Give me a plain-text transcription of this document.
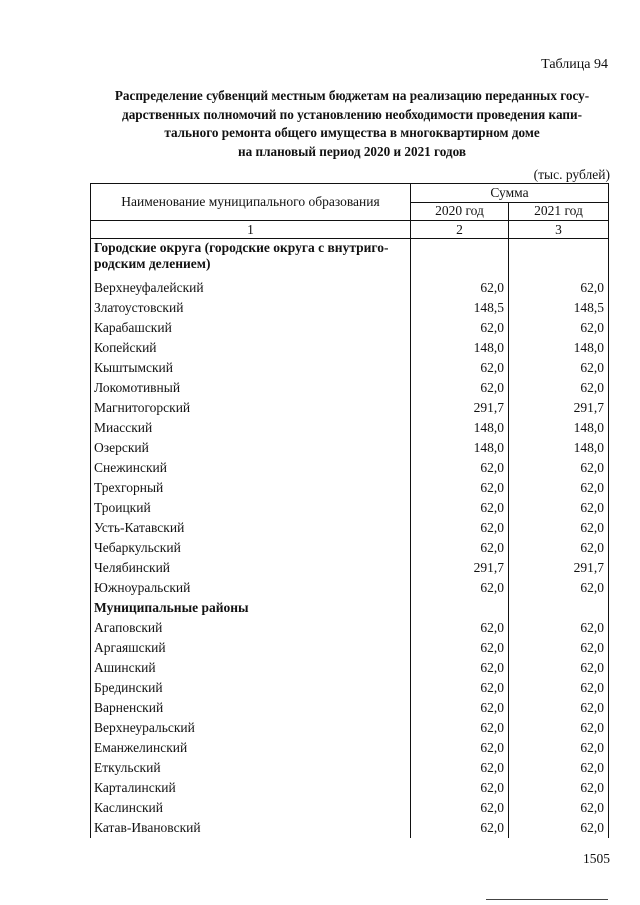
Таблица 94
Распределение субвенций местным бюджетам на реализацию переданных госу-
дарственных полномочий по установлению необходимости проведения капи-
тального ремонта общего имущества в многоквартирном доме
на плановый период 2020 и 2021 годов
(тыс. рублей)
Наименование муниципального образования	Сумма	
	2020 год	2021 год
1	2	3

Городские округа (городские округа с внутриго-
родским делением)		

Верхнеуфалейский	62,0	62,0
Златоустовский	148,5	148,5
Карабашский	62,0	62,0
Копейский	148,0	148,0
Кыштымский	62,0	62,0
Локомотивный	62,0	62,0
Магнитогорский	291,7	291,7
Миасский	148,0	148,0
Озерский	148,0	148,0
Снежинский	62,0	62,0
Трехгорный	62,0	62,0
Троицкий	62,0	62,0
Усть-Катавский	62,0	62,0
Чебаркульский	62,0	62,0
Челябинский	291,7	291,7
Южноуральский	62,0	62,0

Муниципальные районы		

Агаповский	62,0	62,0
Аргаяшский	62,0	62,0
Ашинский	62,0	62,0
Брединский	62,0	62,0
Варненский	62,0	62,0
Верхнеуральский	62,0	62,0
Еманжелинский	62,0	62,0
Еткульский	62,0	62,0
Карталинский	62,0	62,0
Каслинский	62,0	62,0
Катав-Ивановский	62,0	62,0
1505
